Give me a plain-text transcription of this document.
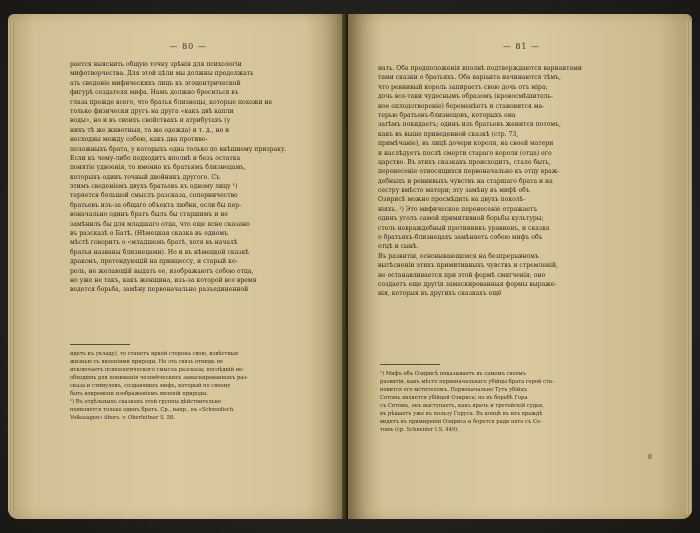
— 80 —
рается выяснить общую точку зрѣнія для психологіи
мифотворчества. Для этой цѣли мы должны продолжать
ать сведеніе мифическихъ лицъ къ эгоцентрической
фигурѣ создателя мифа. Намъ должно броситься въ
глаза прежде всего, что братья близнецы, которые похожи не
только физически другъ на друга «какъ двѣ капли
воды», но и въ своихъ свойствахъ и атрибутахъ (у
нихъ тѣ же животныя, та же одежда) и т. д., но и
несходны между собою, какъ два противо-
положныхъ брата, у которыхъ одна только по внѣшнему призраку.
Если къ чему-либо подходитъ вполнѣ и безъ остатка
понятіе удвоенія, то именно къ братьямъ близнецамъ,
которыхъ одинъ точный двойникъ другого. Съ
этимъ сведеніемъ двухъ братьевъ къ одному лицу ¹)
теряется большой смыслъ разсказа, соперничество
братьевъ изъ-за общаго объекта любви, если бы пер-
воначально одинъ братъ былъ бы старшимъ и не
замѣнилъ бы для младшаго отца, что еще ясне сказано
въ разсказѣ о Батѣ. (Нѣмецкая сказка въ одномъ
мѣстѣ говоритъ о «младшемъ братѣ, хотя въ началѣ
братья названы близнецами). Но и въ нѣмецкой сказкѣ
драконъ, претендующій на принцессу, и старый ко-
роль, не желающій выдать ее, изображаютъ собою отца,
но уже не такъ, какъ женщина, изъ-за которой все время
ведется борьба, замѣну первоначально разъединенной
идетъ къ укладу), то станетъ яркой сторона свою, извѣстныя
жизнью съ явленіями природы. Но эта связь отнюдь не
исключаетъ психологического смысла разсказа; послѣдній не-
обходимъ для пониманія человѣческихъ замаскированныхъ раз-
сказа и стимуловъ, создающихъ мифъ, который по своему
быть вовремени изображеніемъ явленій природы.
¹) Въ отдѣльныхъ сказкахъ этой группы дѣйствительно
появляется только одинъ братъ. Ср., напр., въ «Schwedisch.
Volkssagen» übers. v. Oberleitner S. 58.
— 81 —
иать. Оба предположенія вполнѣ подтверждаются вариантами
тами сказки о братьяхъ. Оба варіанта начинаются тѣмъ,
что ревнивый король запираетъ свою дочь отъ міра;
дочь все-таки чудеснымъ образомъ (кровосмѣшитель-
ное оплодотвореніе) беременѣетъ и становится ма-
терью братьевъ-близнецовъ, которыхъ она
затѣмъ покидаетъ; одинъ изъ братьевъ женится потомъ,
какъ въ выше приведенной сказкѣ (стр. 73,
примѣчаніе), въ лицѣ дочери короля, на своей матери
и наслѣдуетъ послѣ смерти стараго короля (отцa) его
царство. Въ этихъ сказкахъ происходитъ, стало быть,
перенесеніе относящихся первоначально къ отцу враж-
дебныхъ и ревнивыхъ чувствъ на старшаго брата и на
сестру вмѣсто матери; эту замѣну въ мифѣ объ
Озирисѣ можно просмѣдить на двухъ поколѣ-
ніяхъ. ¹) Это мифическое перенесеніе отражаетъ
одинъ уголъ самой примитивной борьбы культуры;
столь невраждебный противникъ уравненъ, и сказка
о братьяхъ-близнецахъ замѣняетъ собою мифъ объ
отцѣ и сынѣ.
Въ развитіи, основывающемся на безпрерывномъ
вытѣсненіи этихъ примитивныхъ чувствъ и стремленій,
не останавливается при этой формѣ смягченія; оно
создаетъ еще другія замаскированныя формы выраже-
нія, которыя въ другихъ сказкахъ ещё
¹) Мифъ объ Озирисѣ показываетъ въ самомъ своемъ
развитіи, какъ мѣсто первоначальнаго убійцы брата герой ста-
новится его мстителемъ. Первоначально Тутъ убійцъ
Сетомъ является убійцей Озириса; но въ борьбѣ Гора
съ Сетомъ, онъ выступаетъ, какъ врачъ и третейскій судья,
въ рѣшаетъ уже въ пользу Горуса. Въ концѣ въ ихъ враждѣ
видятъ въ примиреніи Озириса и борется ради него съ Се-
томъ (ср. Schneider I.S. 449).
8
